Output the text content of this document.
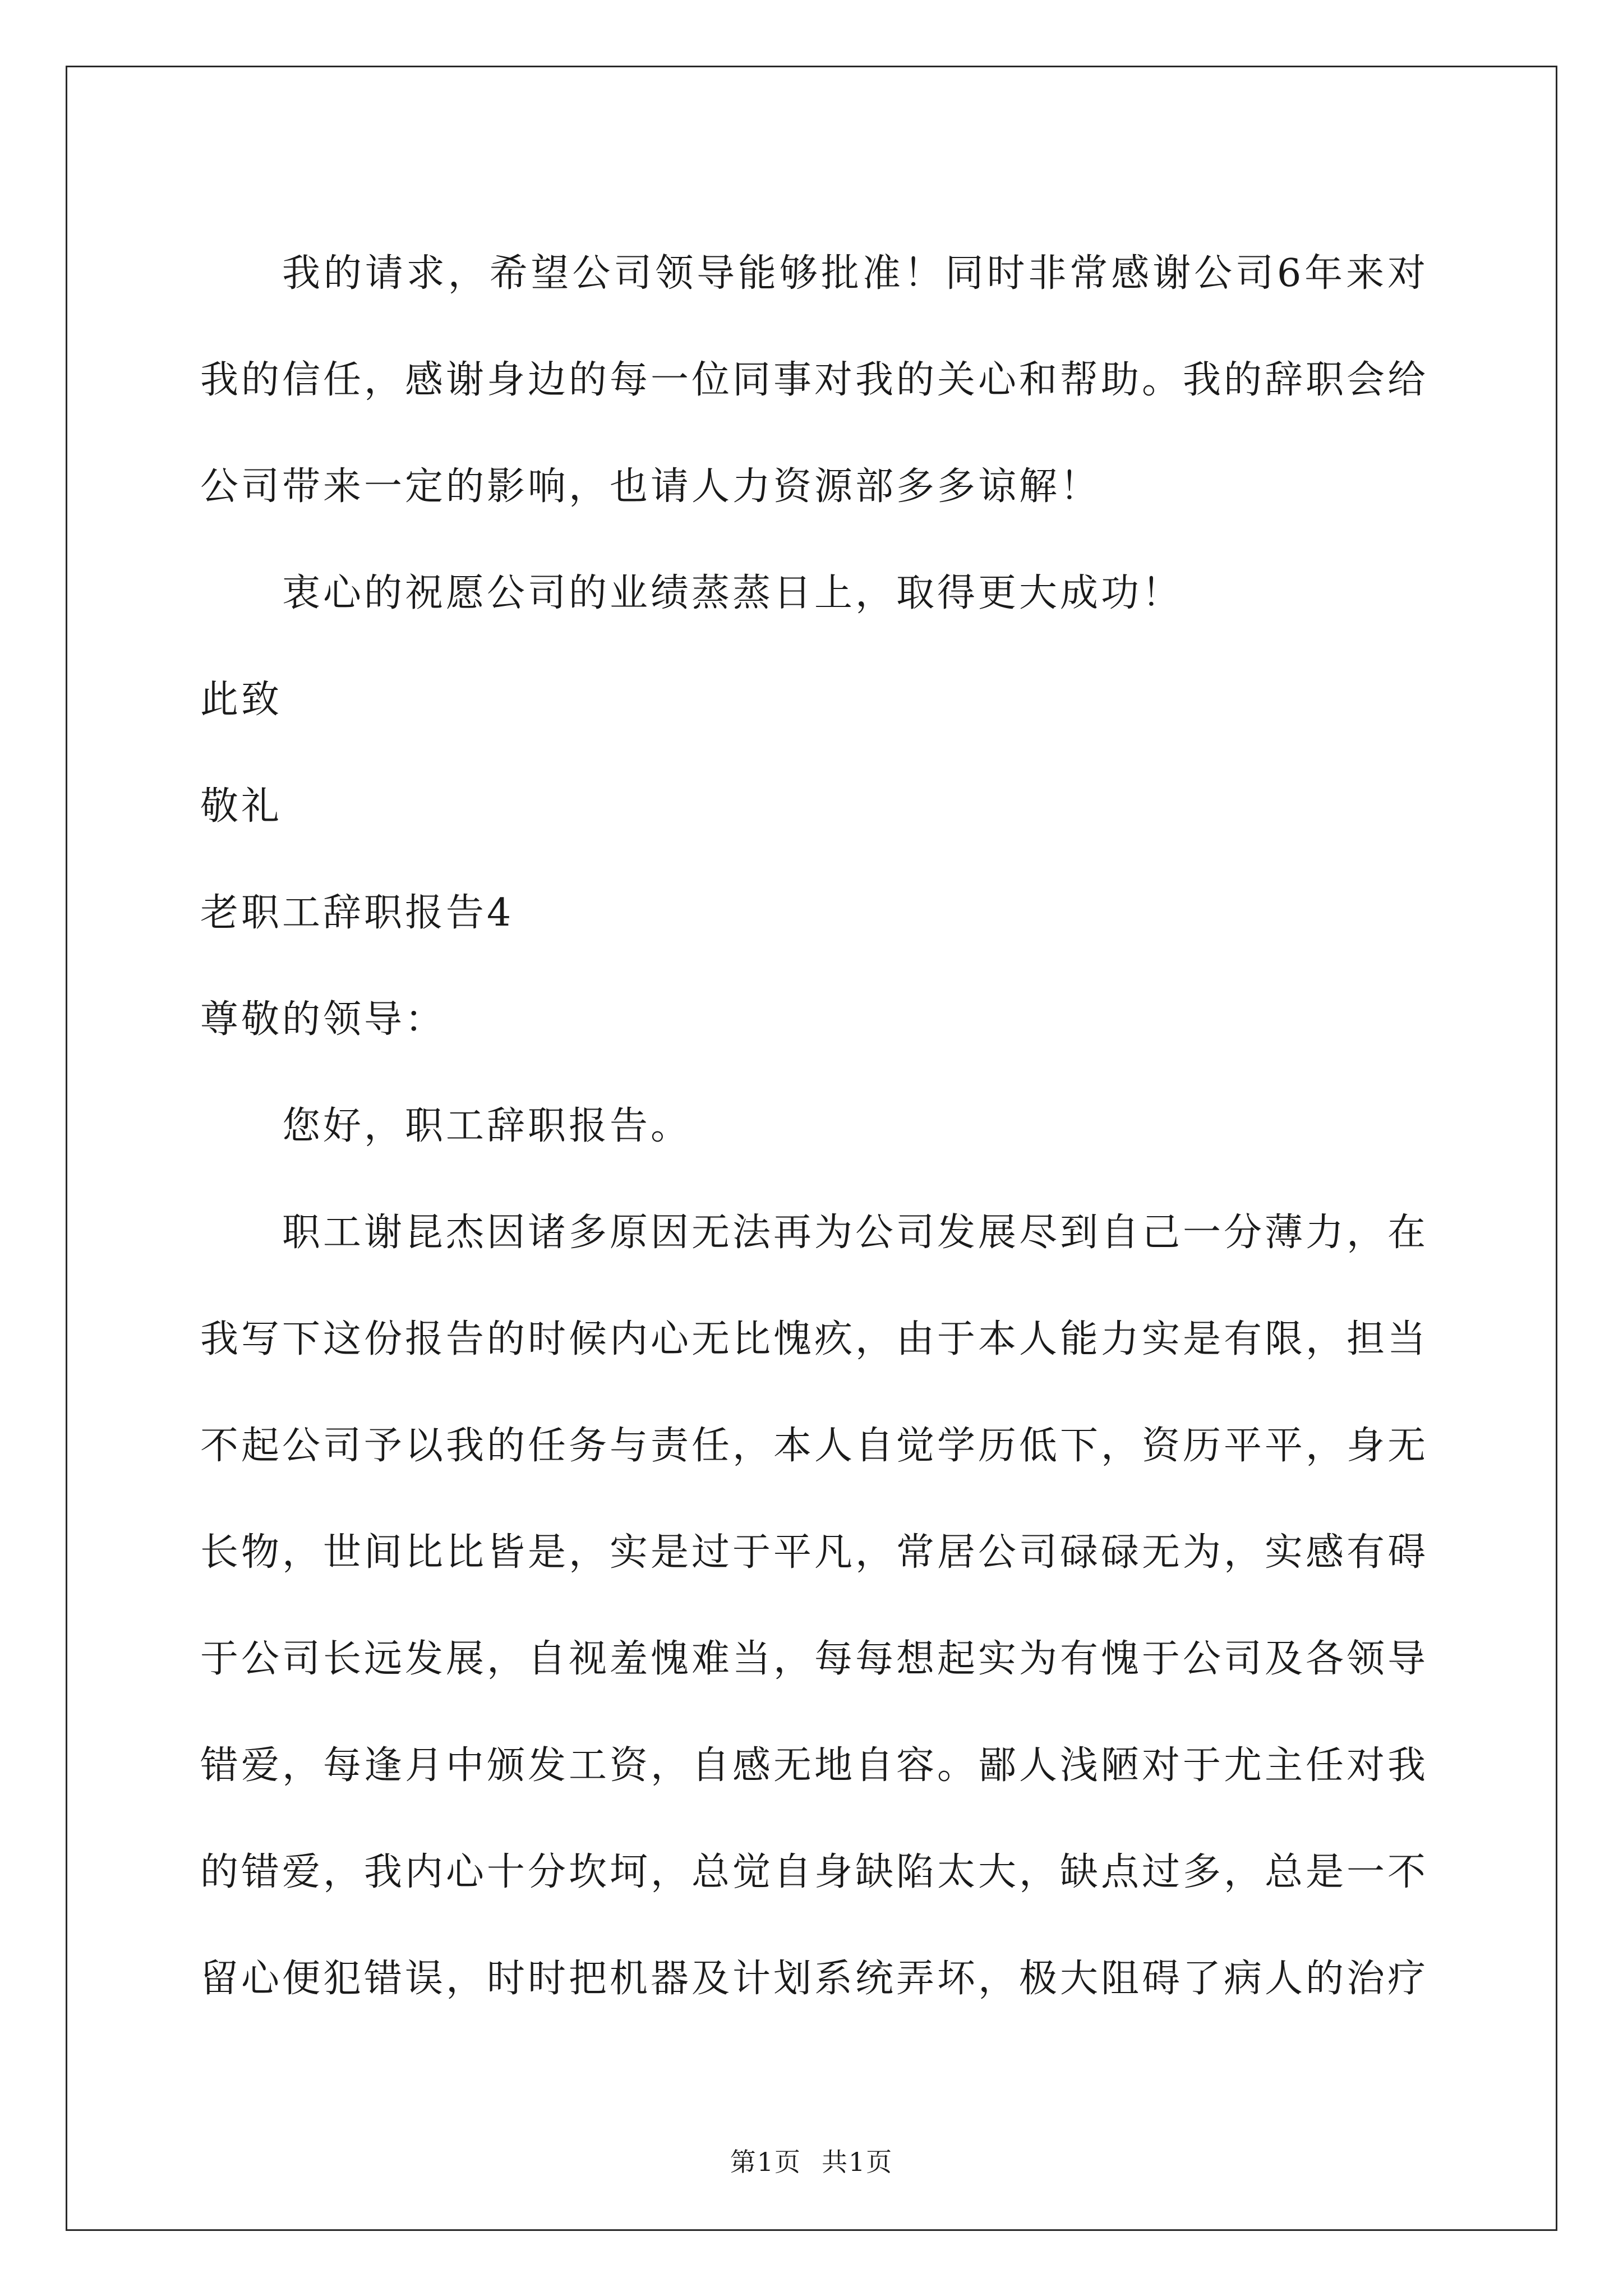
我的请求，希望公司领导能够批准！同时非常感谢公司6年来对我的信任，感谢身边的每一位同事对我的关心和帮助。我的辞职会给公司带来一定的影响，也请人力资源部多多谅解！

衷心的祝愿公司的业绩蒸蒸日上，取得更大成功！

此致

敬礼

老职工辞职报告4

尊敬的领导：

您好，职工辞职报告。

职工谢昆杰因诸多原因无法再为公司发展尽到自己一分薄力，在我写下这份报告的时候内心无比愧疚，由于本人能力实是有限，担当不起公司予以我的任务与责任，本人自觉学历低下，资历平平，身无长物，世间比比皆是，实是过于平凡，常居公司碌碌无为，实感有碍于公司长远发展，自视羞愧难当，每每想起实为有愧于公司及各领导错爱，每逢月中颁发工资，自感无地自容。鄙人浅陋对于尤主任对我的错爱，我内心十分坎坷，总觉自身缺陷太大，缺点过多，总是一不留心便犯错误，时时把机器及计划系统弄坏，极大阻碍了病人的治疗

第1页 共1页
